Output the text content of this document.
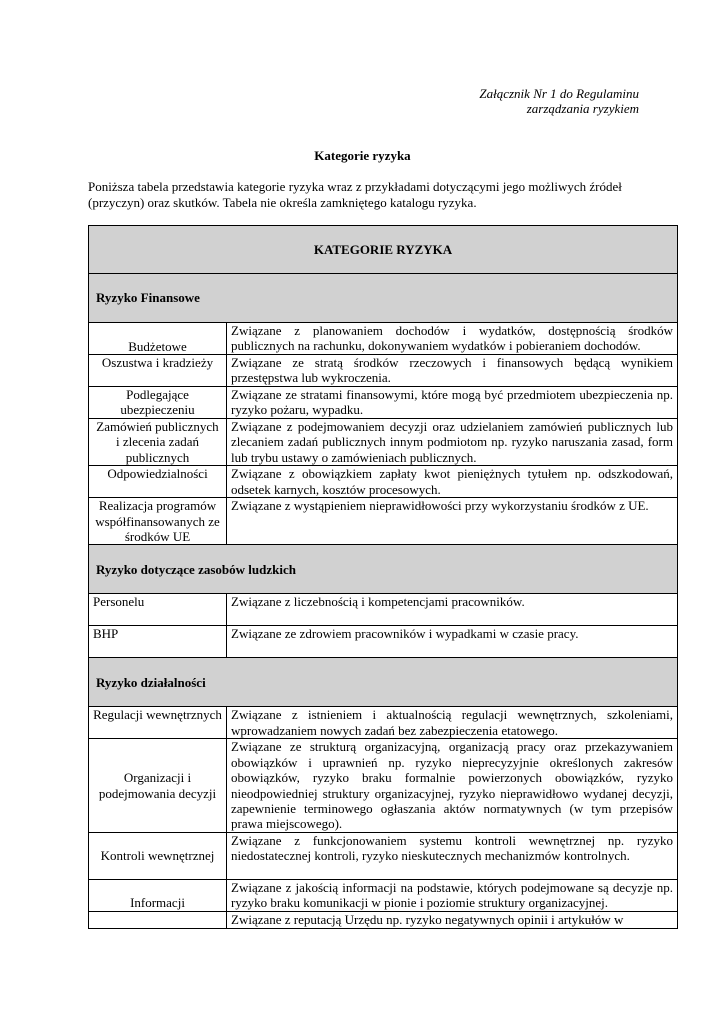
Załącznik Nr 1 do Regulaminu
zarządzania ryzykiem
Kategorie ryzyka
Poniższa tabela przedstawia kategorie ryzyka wraz z przykładami dotyczącymi jego możliwych źródeł (przyczyn) oraz skutków. Tabela nie określa zamkniętego katalogu ryzyka.
KATEGORIE RYZYKA	
Ryzyko Finansowe	
Budżetowe	Związane z planowaniem dochodów i wydatków, dostępnością środków publicznych na rachunku, dokonywaniem wydatków i pobieraniem dochodów.
Oszustwa i kradzieży	Związane ze stratą środków rzeczowych i finansowych będącą wynikiem przestępstwa lub wykroczenia.
Podlegające ubezpieczeniu	Związane ze stratami finansowymi, które mogą być przedmiotem ubezpieczenia np. ryzyko pożaru, wypadku.
Zamówień publicznych i zlecenia zadań publicznych	Związane z podejmowaniem decyzji oraz udzielaniem zamówień publicznych lub zlecaniem zadań publicznych innym podmiotom np. ryzyko naruszania zasad, form lub trybu ustawy o zamówieniach publicznych.
Odpowiedzialności	Związane z obowiązkiem zapłaty kwot pieniężnych tytułem np. odszkodowań, odsetek karnych, kosztów procesowych.
Realizacja programów współfinansowanych ze środków UE	Związane z wystąpieniem nieprawidłowości przy wykorzystaniu środków z UE.
Ryzyko dotyczące zasobów ludzkich	
Personelu	Związane z liczebnością i kompetencjami pracowników.
BHP	Związane ze zdrowiem pracowników i wypadkami w czasie pracy.
Ryzyko działalności	
Regulacji wewnętrznych	Związane z istnieniem i aktualnością regulacji wewnętrznych, szkoleniami, wprowadzaniem nowych zadań bez zabezpieczenia etatowego.
Organizacji i podejmowania decyzji	Związane ze strukturą organizacyjną, organizacją pracy oraz przekazywaniem obowiązków i uprawnień np. ryzyko nieprecyzyjnie określonych zakresów obowiązków, ryzyko braku formalnie powierzonych obowiązków, ryzyko nieodpowiedniej struktury organizacyjnej, ryzyko nieprawidłowo wydanej decyzji, zapewnienie terminowego ogłaszania aktów normatywnych (w tym przepisów prawa miejscowego).
Kontroli wewnętrznej	Związane z funkcjonowaniem systemu kontroli wewnętrznej np. ryzyko niedostatecznej kontroli, ryzyko nieskutecznych mechanizmów kontrolnych.
Informacji	Związane z jakością informacji na podstawie, których podejmowane są decyzje np. ryzyko braku komunikacji w pionie i poziomie struktury organizacyjnej.
	Związane z reputacją Urzędu np. ryzyko negatywnych opinii i artykułów w
